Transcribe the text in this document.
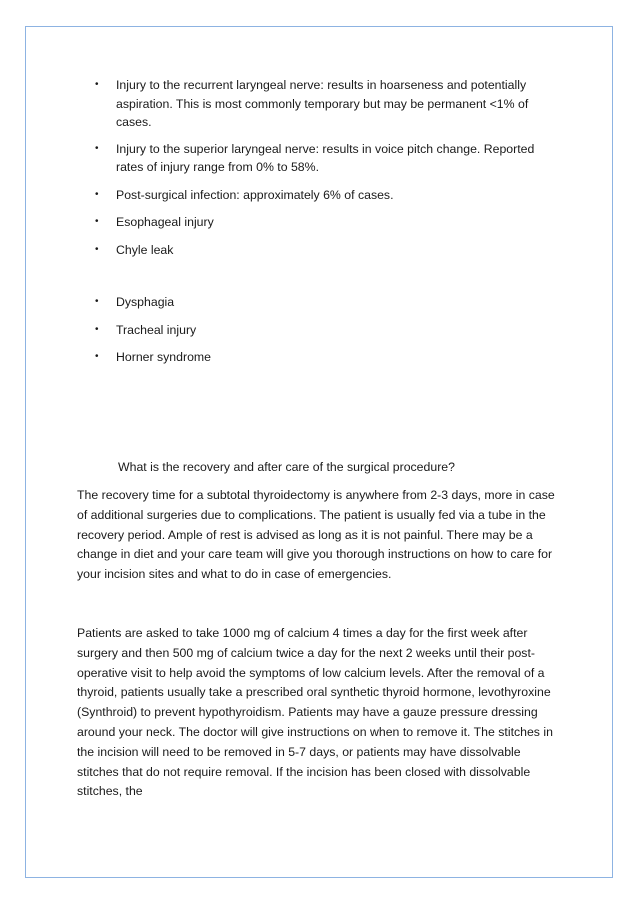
• Injury to the recurrent laryngeal nerve: results in hoarseness and potentially aspiration. This is most commonly temporary but may be permanent <1% of cases.
• Injury to the superior laryngeal nerve: results in voice pitch change. Reported rates of injury range from 0% to 58%.
• Post-surgical infection: approximately 6% of cases.
• Esophageal injury
• Chyle leak
• Dysphagia
• Tracheal injury
• Horner syndrome

What is the recovery and after care of the surgical procedure?

The recovery time for a subtotal thyroidectomy is anywhere from 2-3 days, more in case of additional surgeries due to complications. The patient is usually fed via a tube in the recovery period. Ample of rest is advised as long as it is not painful. There may be a change in diet and your care team will give you thorough instructions on how to care for your incision sites and what to do in case of emergencies.

Patients are asked to take 1000 mg of calcium 4 times a day for the first week after surgery and then 500 mg of calcium twice a day for the next 2 weeks until their post-operative visit to help avoid the symptoms of low calcium levels. After the removal of a thyroid, patients usually take a prescribed oral synthetic thyroid hormone, levothyroxine (Synthroid) to prevent hypothyroidism. Patients may have a gauze pressure dressing around your neck. The doctor will give instructions on when to remove it. The stitches in the incision will need to be removed in 5-7 days, or patients may have dissolvable stitches that do not require removal. If the incision has been closed with dissolvable stitches, the
